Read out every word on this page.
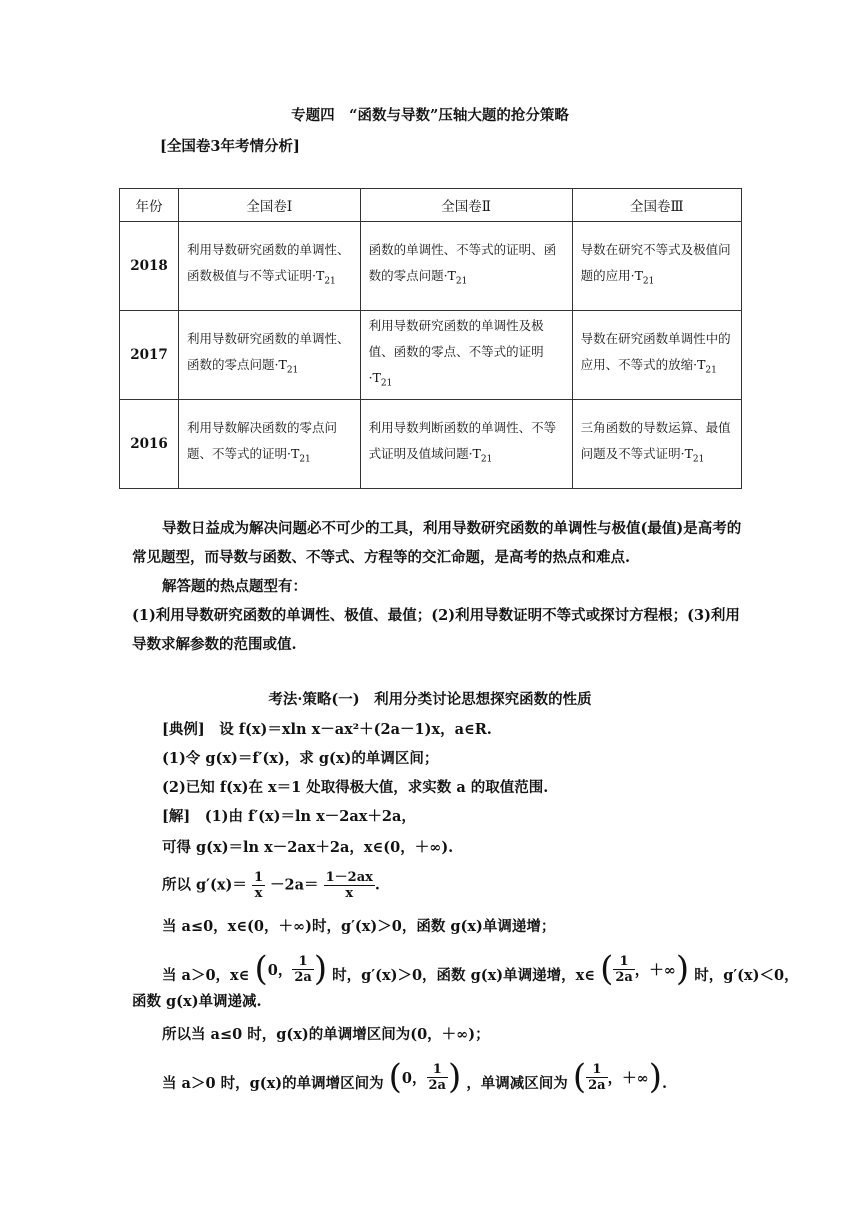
专题四　“函数与导数”压轴大题的抢分策略
[全国卷3年考情分析]
年份	全国卷Ⅰ	全国卷Ⅱ	全国卷Ⅲ
2018	利用导数研究函数的单调性、函数极值与不等式证明$\cdot T_{21}$	函数的单调性、不等式的证明、函数的零点问题$\cdot T_{21}$	导数在研究不等式及极值问题的应用$\cdot T_{21}$
2017	利用导数研究函数的单调性、函数的零点问题$\cdot T_{21}$	利用导数研究函数的单调性及极值、函数的零点、不等式的证明$\cdot T_{21}$	导数在研究函数单调性中的应用、不等式的放缩$\cdot T_{21}$
2016	利用导数解决函数的零点问题、不等式的证明$\cdot T_{21}$	利用导数判断函数的单调性、不等式证明及值域问题$\cdot T_{21}$	三角函数的导数运算、最值问题及不等式证明$\cdot T_{21}$
导数日益成为解决问题必不可少的工具，利用导数研究函数的单调性与极值(最值)是高考的常见题型，而导数与函数、不等式、方程等的交汇命题，是高考的热点和难点.
解答题的热点题型有：
(1)利用导数研究函数的单调性、极值、最值；(2)利用导数证明不等式或探讨方程根；(3)利用导数求解参数的范围或值.
考法·策略(一)　利用分类讨论思想探究函数的性质
[典例]　设 f(x)＝xln x－ax²＋(2a－1)x，a∈R.
(1)令 g(x)＝f′(x)，求 g(x)的单调区间；
(2)已知 f(x)在 x＝1 处取得极大值，求实数 a 的取值范围.
[解]　(1)由 f′(x)＝ln x－2ax＋2a，
可得 g(x)＝ln x－2ax＋2a，x∈(0，＋∞).
所以 $g'(x)= \frac{1}{x} -2a= \frac{1-2ax}{x}$ .
当 a≤0，x∈(0，＋∞)时，g′(x)＞0，函数 g(x)单调递增；
当 a＞0，x∈ ( 0， $\frac{1}{2a}$ ) 时，g′(x)＞0，函数 g(x)单调递增，x∈ ( $\frac{1}{2a}$ ， ＋∞ ) 时，g′(x)＜0，
函数 g(x)单调递减.
所以当 a≤0 时，g(x)的单调增区间为(0，＋∞)；
当 a＞0 时，g(x)的单调增区间为 ( 0， $\frac{1}{2a}$ ) ，单调减区间为 ( $\frac{1}{2a}$ ， ＋∞ ) .
